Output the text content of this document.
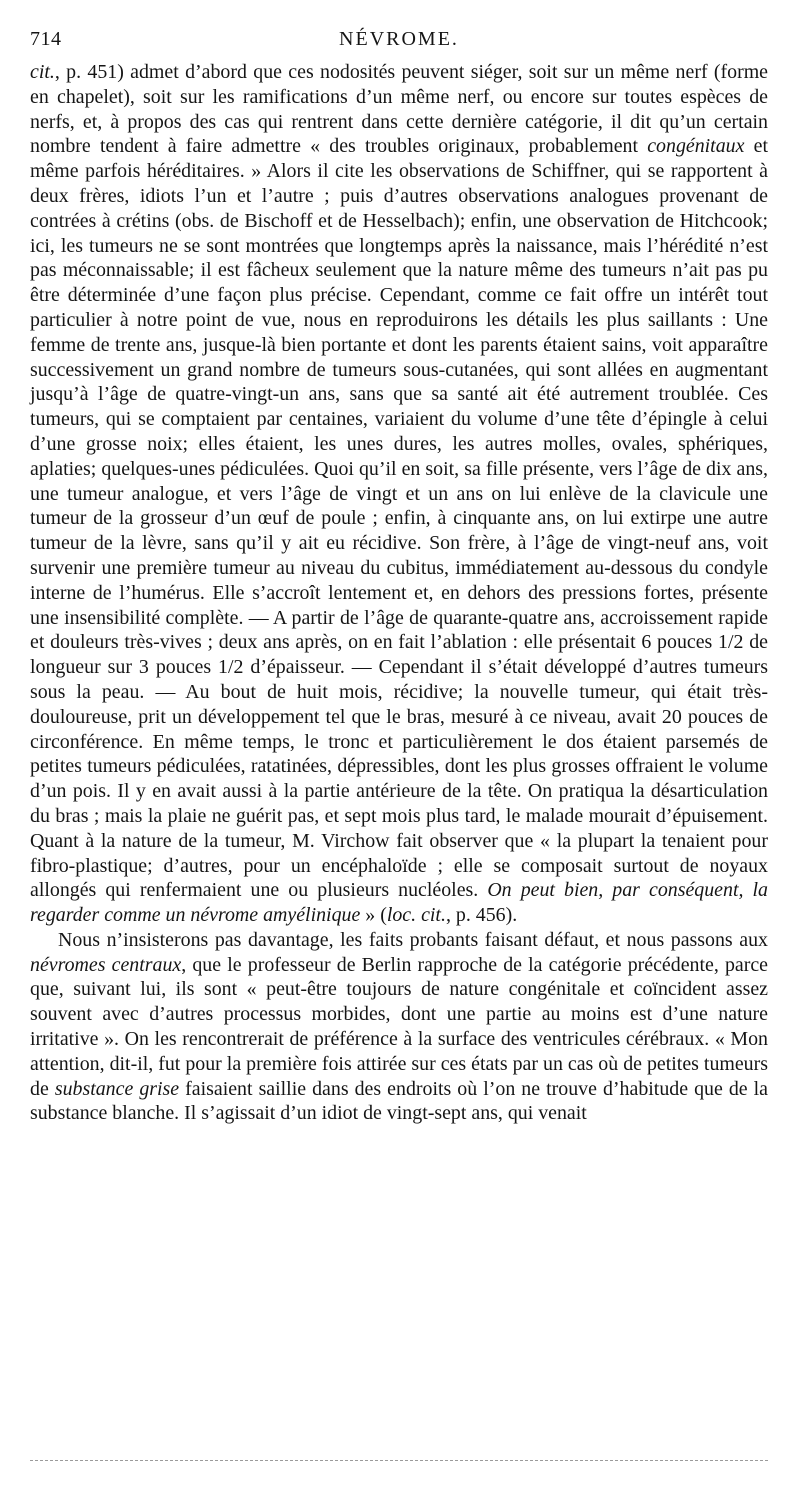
714	NÉVROME.

cit., p. 451) admet d’abord que ces nodosités peuvent siéger, soit sur un même nerf (forme en chapelet), soit sur les ramifications d’un même nerf, ou encore sur toutes espèces de nerfs, et, à propos des cas qui rentrent dans cette dernière catégorie, il dit qu’un certain nombre tendent à faire admettre « des troubles originaux, probablement congénitaux et même parfois héréditaires. » Alors il cite les observations de Schiffner, qui se rapportent à deux frères, idiots l’un et l’autre ; puis d’autres observations analogues provenant de contrées à crétins (obs. de Bischoff et de Hesselbach); enfin, une observation de Hitchcook; ici, les tumeurs ne se sont montrées que longtemps après la naissance, mais l’hérédité n’est pas méconnaissable; il est fâcheux seulement que la nature même des tumeurs n’ait pas pu être déterminée d’une façon plus précise. Cependant, comme ce fait offre un intérêt tout particulier à notre point de vue, nous en reproduirons les détails les plus saillants : Une femme de trente ans, jusque-là bien portante et dont les parents étaient sains, voit apparaître successivement un grand nombre de tumeurs sous-cutanées, qui sont allées en augmentant jusqu’à l’âge de quatre-vingt-un ans, sans que sa santé ait été autrement troublée. Ces tumeurs, qui se comptaient par centaines, variaient du volume d’une tête d’épingle à celui d’une grosse noix; elles étaient, les unes dures, les autres molles, ovales, sphériques, aplaties; quelques-unes pédiculées. Quoi qu’il en soit, sa fille présente, vers l’âge de dix ans, une tumeur analogue, et vers l’âge de vingt et un ans on lui enlève de la clavicule une tumeur de la grosseur d’un œuf de poule ; enfin, à cinquante ans, on lui extirpe une autre tumeur de la lèvre, sans qu’il y ait eu récidive. Son frère, à l’âge de vingt-neuf ans, voit survenir une première tumeur au niveau du cubitus, immédiatement au-dessous du condyle interne de l’humérus. Elle s’accroît lentement et, en dehors des pressions fortes, présente une insensibilité complète. — A partir de l’âge de quarante-quatre ans, accroissement rapide et douleurs très-vives ; deux ans après, on en fait l’ablation : elle présentait 6 pouces 1/2 de longueur sur 3 pouces 1/2 d’épaisseur. — Cependant il s’était développé d’autres tumeurs sous la peau. — Au bout de huit mois, récidive; la nouvelle tumeur, qui était très-douloureuse, prit un développement tel que le bras, mesuré à ce niveau, avait 20 pouces de circonférence. En même temps, le tronc et particulièrement le dos étaient parsemés de petites tumeurs pédiculées, ratatinées, dépressibles, dont les plus grosses offraient le volume d’un pois. Il y en avait aussi à la partie antérieure de la tête. On pratiqua la désarticulation du bras ; mais la plaie ne guérit pas, et sept mois plus tard, le malade mourait d’épuisement. Quant à la nature de la tumeur, M. Virchow fait observer que « la plupart la tenaient pour fibro-plastique; d’autres, pour un encéphaloïde ; elle se composait surtout de noyaux allongés qui renfermaient une ou plusieurs nucléoles. On peut bien, par conséquent, la regarder comme un névrome amyélinique » (loc. cit., p. 456).

Nous n’insisterons pas davantage, les faits probants faisant défaut, et nous passons aux névromes centraux, que le professeur de Berlin rapproche de la catégorie précédente, parce que, suivant lui, ils sont « peut-être toujours de nature congénitale et coïncident assez souvent avec d’autres processus morbides, dont une partie au moins est d’une nature irritative ». On les rencontrerait de préférence à la surface des ventricules cérébraux. « Mon attention, dit-il, fut pour la première fois attirée sur ces états par un cas où de petites tumeurs de substance grise faisaient saillie dans des endroits où l’on ne trouve d’habitude que de la substance blanche. Il s’agissait d’un idiot de vingt-sept ans, qui venait
